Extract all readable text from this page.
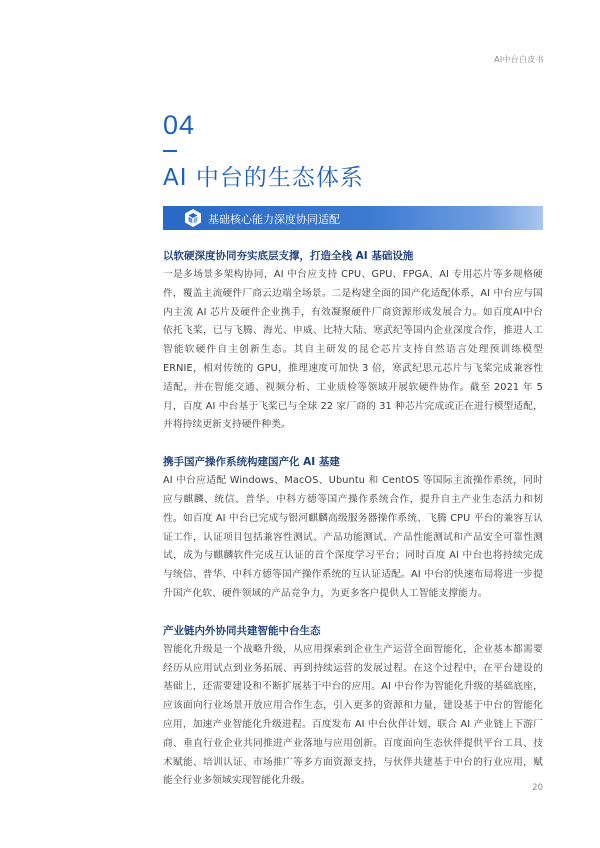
AI中台白皮书
04
AI 中台的生态体系
基础核心能力深度协同适配
以软硬深度协同夯实底层支撑，打造全栈 AI 基础设施

一是多场景多架构协同，AI 中台应支持 CPU、GPU、FPGA、AI 专用芯片等多规格硬件，覆盖主流硬件厂商云边端全场景。二是构建全面的国产化适配体系，AI 中台应与国内主流 AI 芯片及硬件企业携手，有效凝聚硬件厂商资源形成发展合力。如百度AI中台依托飞桨，已与飞腾、海光、申威、比特大陆、寒武纪等国内企业深度合作，推进人工智能软硬件自主创新生态。其自主研发的昆仑芯片支持自然语言处理预训练模型 ERNIE，相对传统的 GPU，推理速度可加快 3 倍，寒武纪思元芯片与飞桨完成兼容性适配，并在智能交通、视频分析、工业质检等领域开展软硬件协作。截至 2021 年 5 月，百度 AI 中台基于飞桨已与全球 22 家厂商的 31 种芯片完成或正在进行模型适配，并将持续更新支持硬件种类。

携手国产操作系统构建国产化 AI 基建

AI 中台应适配 Windows、MacOS、Ubuntu 和 CentOS 等国际主流操作系统，同时应与麒麟、统信、普华、中科方德等国产操作系统合作，提升自主产业生态活力和韧性。如百度 AI 中台已完成与银河麒麟高级服务器操作系统、飞腾 CPU 平台的兼容互认证工作，认证项目包括兼容性测试、产品功能测试、产品性能测试和产品安全可靠性测试，成为与麒麟软件完成互认证的首个深度学习平台；同时百度 AI 中台也将持续完成与统信、普华、中科方德等国产操作系统的互认证适配。AI 中台的快速布局将进一步提升国产化软、硬件领域的产品竞争力，为更多客户提供人工智能支撑能力。

产业链内外协同共建智能中台生态

智能化升级是一个战略升级，从应用探索到企业生产运营全面智能化，企业基本都需要经历从应用试点到业务拓展、再到持续运营的发展过程。在这个过程中，在平台建设的基础上，还需要建设和不断扩展基于中台的应用。AI 中台作为智能化升级的基础底座，应该面向行业场景开放应用合作生态，引入更多的资源和力量，建设基于中台的智能化应用，加速产业智能化升级进程。百度发布 AI 中台伙伴计划，联合 AI 产业链上下游厂商、垂直行业企业共同推进产业落地与应用创新。百度面向生态伙伴提供平台工具、技术赋能、培训认证、市场推广等多方面资源支持，与伙伴共建基于中台的行业应用，赋能全行业多领域实现智能化升级。

20
